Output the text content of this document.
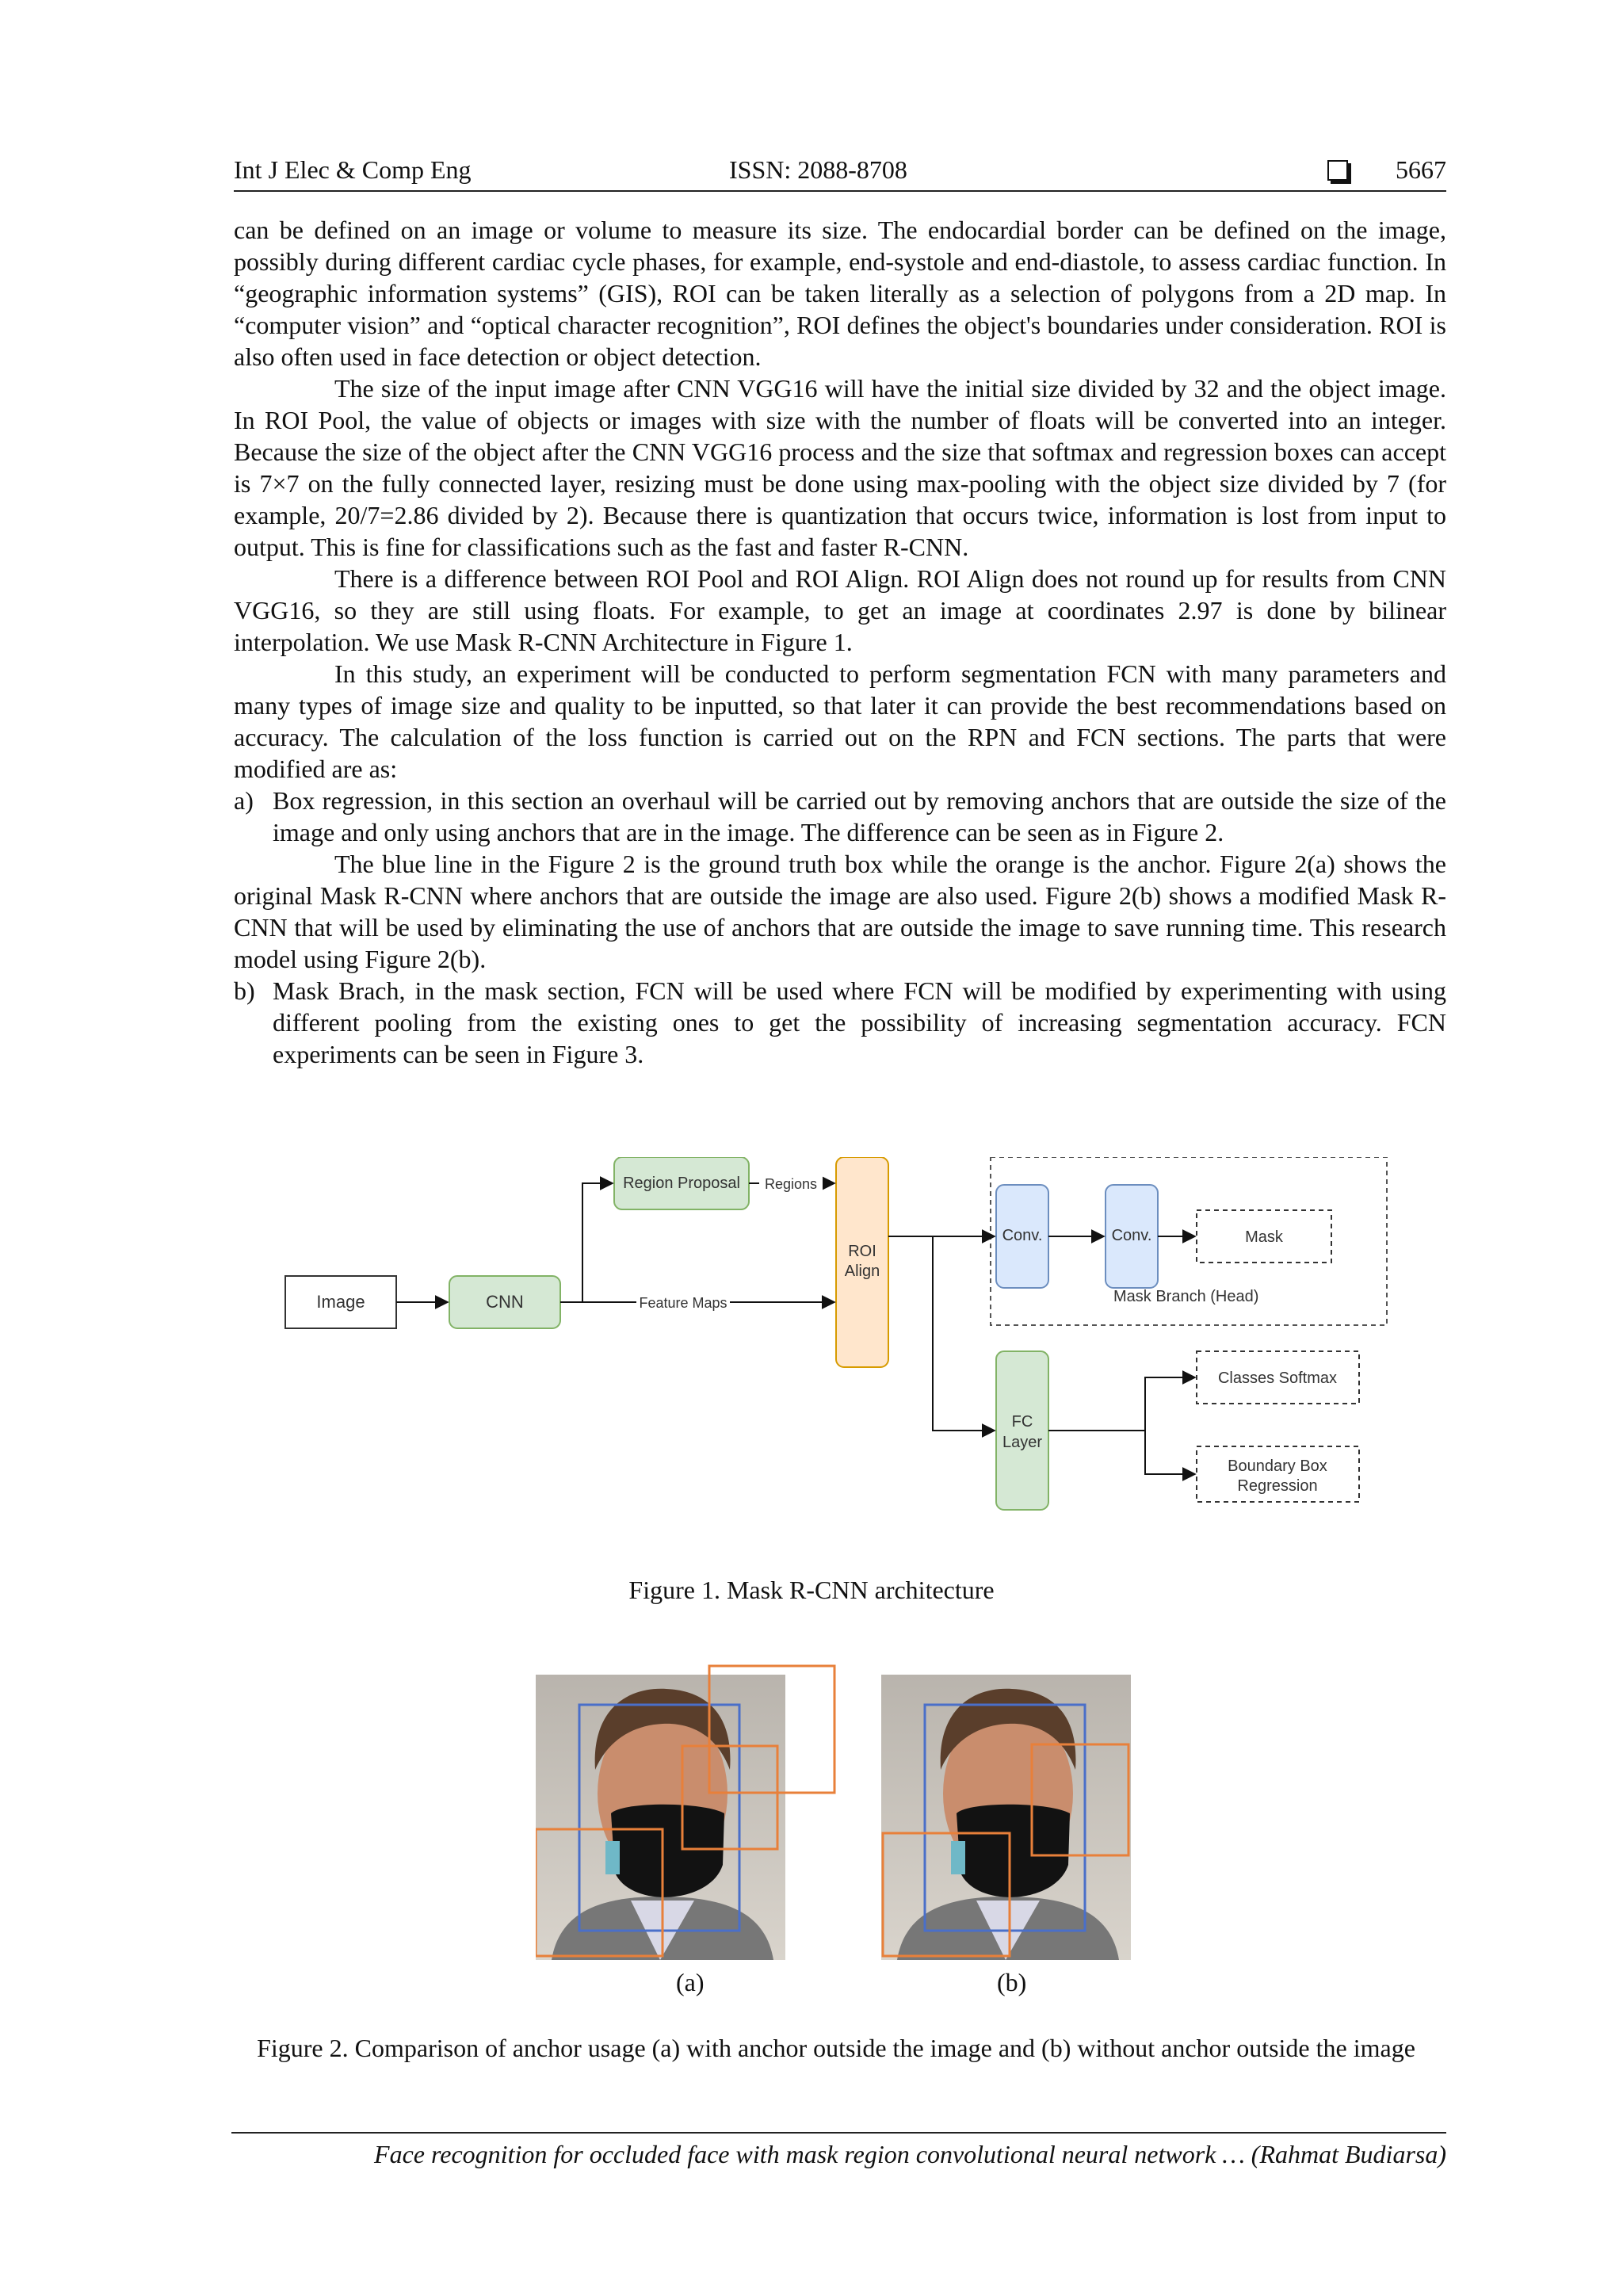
Int J Elec & Comp Eng	ISSN: 2088-8708	5667

can be defined on an image or volume to measure its size. The endocardial border can be defined on the image, possibly during different cardiac cycle phases, for example, end-systole and end-diastole, to assess cardiac function. In “geographic information systems” (GIS), ROI can be taken literally as a selection of polygons from a 2D map. In “computer vision” and “optical character recognition”, ROI defines the object's boundaries under consideration. ROI is also often used in face detection or object detection.

The size of the input image after CNN VGG16 will have the initial size divided by 32 and the object image. In ROI Pool, the value of objects or images with size with the number of floats will be converted into an integer. Because the size of the object after the CNN VGG16 process and the size that softmax and regression boxes can accept is 7×7 on the fully connected layer, resizing must be done using max-pooling with the object size divided by 7 (for example, 20/7=2.86 divided by 2). Because there is quantization that occurs twice, information is lost from input to output. This is fine for classifications such as the fast and faster R-CNN.

There is a difference between ROI Pool and ROI Align. ROI Align does not round up for results from CNN VGG16, so they are still using floats. For example, to get an image at coordinates 2.97 is done by bilinear interpolation. We use Mask R-CNN Architecture in Figure 1.

In this study, an experiment will be conducted to perform segmentation FCN with many parameters and many types of image size and quality to be inputted, so that later it can provide the best recommendations based on accuracy. The calculation of the loss function is carried out on the RPN and FCN sections. The parts that were modified are as:

a) Box regression, in this section an overhaul will be carried out by removing anchors that are outside the size of the image and only using anchors that are in the image. The difference can be seen as in Figure 2.

The blue line in the Figure 2 is the ground truth box while the orange is the anchor. Figure 2(a) shows the original Mask R-CNN where anchors that are outside the image are also used. Figure 2(b) shows a modified Mask R-CNN that will be used by eliminating the use of anchors that are outside the image to save running time. This research model using Figure 2(b).

b) Mask Brach, in the mask section, FCN will be used where FCN will be modified by experimenting with using different pooling from the existing ones to get the possibility of increasing segmentation accuracy. FCN experiments can be seen in Figure 3.
Mask Branch (Head)
Image	CNN
Region Proposal
ROI
Align
Conv.	Conv.	Mask
FC
Layer
Classes Softmax
Boundary Box
Regression
Regions
Feature Maps
Figure 1. Mask R-CNN architecture
(a)	(b)
Figure 2. Comparison of anchor usage (a) with anchor outside the image and (b) without anchor outside the image
Face recognition for occluded face with mask region convolutional neural network … (Rahmat Budiarsa)
